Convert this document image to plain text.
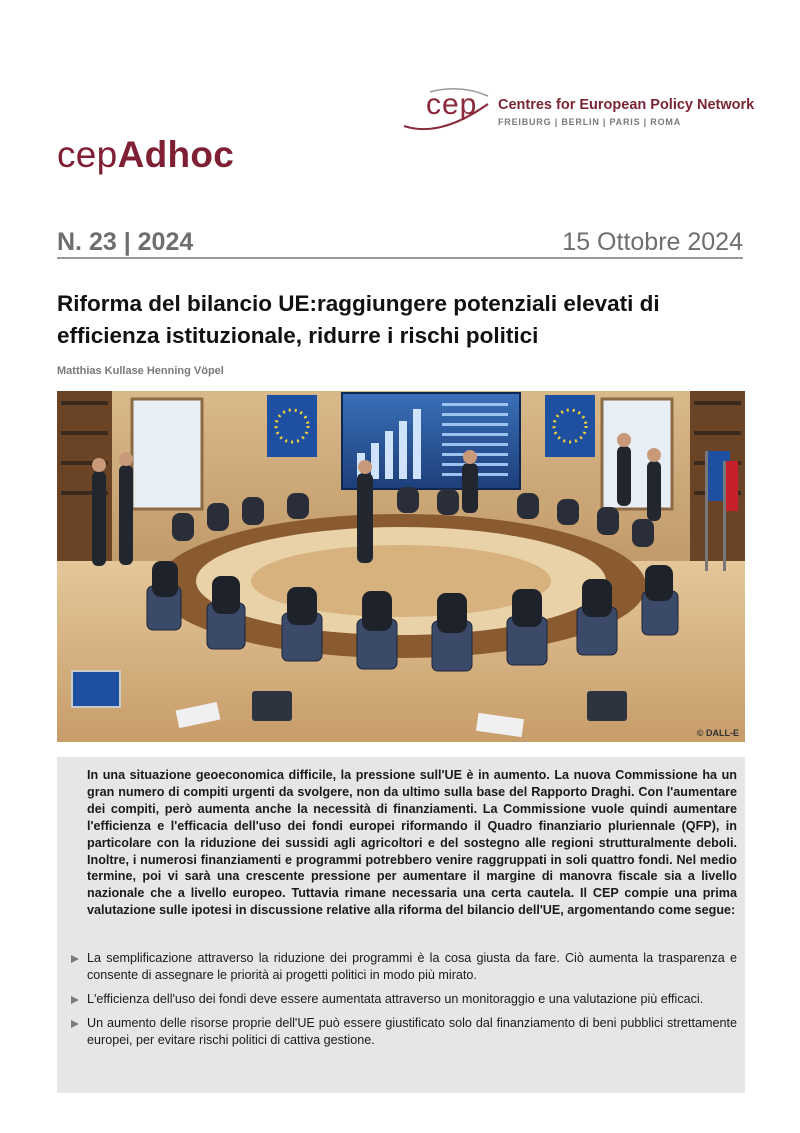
cep Centres for European Policy Network
FREIBURG | BERLIN | PARIS | ROMA
cepAdhoc
N. 23 | 2024	15 Ottobre 2024
Riforma del bilancio UE:raggiungere potenziali elevati di efficienza istituzionale, ridurre i rischi politici
Matthias Kullase Henning Vöpel
© DALL-E

In una situazione geoeconomica difficile, la pressione sull'UE è in aumento. La nuova Commissione ha un gran numero di compiti urgenti da svolgere, non da ultimo sulla base del Rapporto Draghi. Con l'aumentare dei compiti, però aumenta anche la necessità di finanziamenti. La Commissione vuole quindi aumentare l'efficienza e l'efficacia dell'uso dei fondi europei riformando il Quadro finanziario pluriennale (QFP), in particolare con la riduzione dei sussidi agli agricoltori e del sostegno alle regioni strutturalmente deboli. Inoltre, i numerosi finanziamenti e programmi potrebbero venire raggruppati in soli quattro fondi. Nel medio termine, poi vi sarà una crescente pressione per aumentare il margine di manovra fiscale sia a livello nazionale che a livello europeo. Tuttavia rimane necessaria una certa cautela. Il CEP compie una prima valutazione sulle ipotesi in discussione relative alla riforma del bilancio dell'UE, argomentando come segue:

La semplificazione attraverso la riduzione dei programmi è la cosa giusta da fare. Ciò aumenta la trasparenza e consente di assegnare le priorità ai progetti politici in modo più mirato.
L'efficienza dell'uso dei fondi deve essere aumentata attraverso un monitoraggio e una valutazione più efficaci.
Un aumento delle risorse proprie dell'UE può essere giustificato solo dal finanziamento di beni pubblici strettamente europei, per evitare rischi politici di cattiva gestione.
